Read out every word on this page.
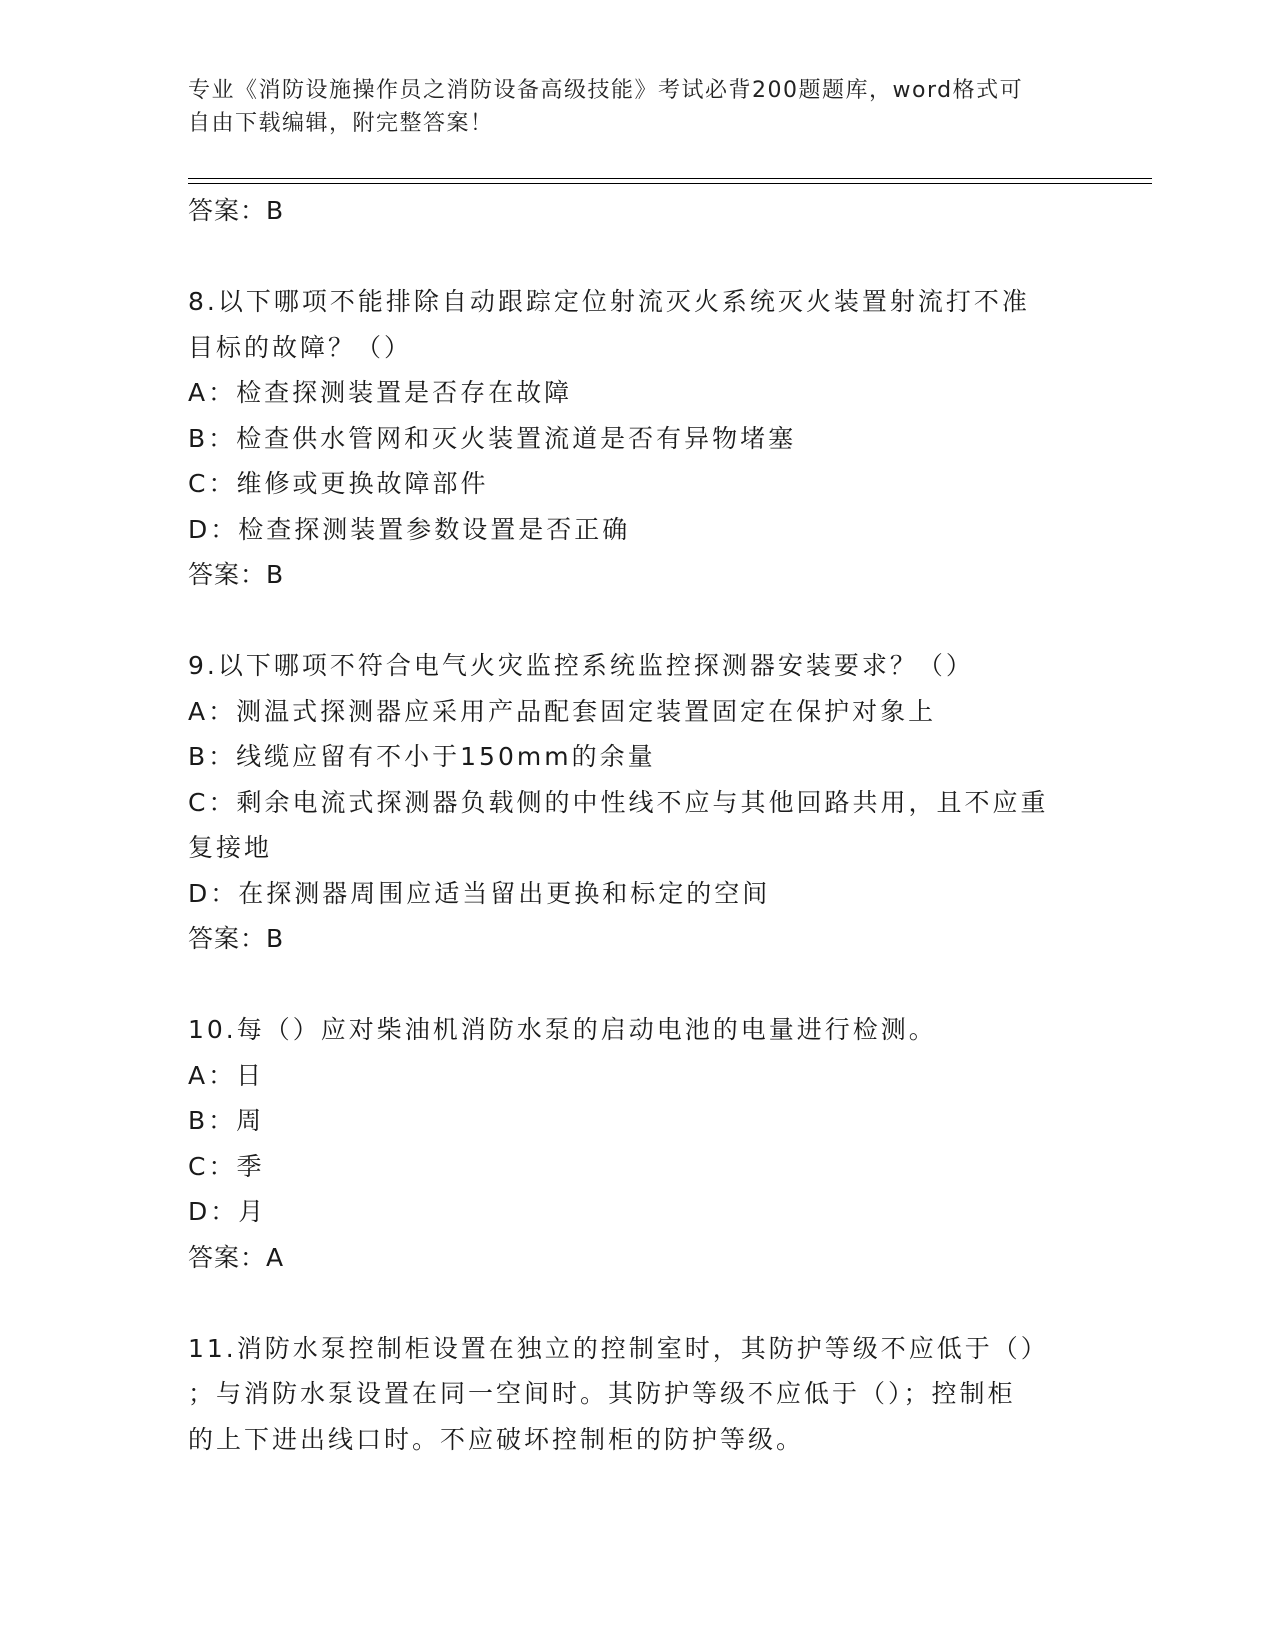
专业《消防设施操作员之消防设备高级技能》考试必背200题题库，word格式可
自由下载编辑，附完整答案！
答案：B
8.以下哪项不能排除自动跟踪定位射流灭火系统灭火装置射流打不准
目标的故障？（）
A：检查探测装置是否存在故障
B：检查供水管网和灭火装置流道是否有异物堵塞
C：维修或更换故障部件
D：检查探测装置参数设置是否正确
答案：B
9.以下哪项不符合电气火灾监控系统监控探测器安装要求？（）
A：测温式探测器应采用产品配套固定装置固定在保护对象上
B：线缆应留有不小于150mm的余量
C：剩余电流式探测器负载侧的中性线不应与其他回路共用，且不应重
复接地
D：在探测器周围应适当留出更换和标定的空间
答案：B
10.每（）应对柴油机消防水泵的启动电池的电量进行检测。
A：日
B：周
C：季
D：月
答案：A
11.消防水泵控制柜设置在独立的控制室时，其防护等级不应低于（）
；与消防水泵设置在同一空间时。其防护等级不应低于（）；控制柜
的上下进出线口时。不应破坏控制柜的防护等级。
